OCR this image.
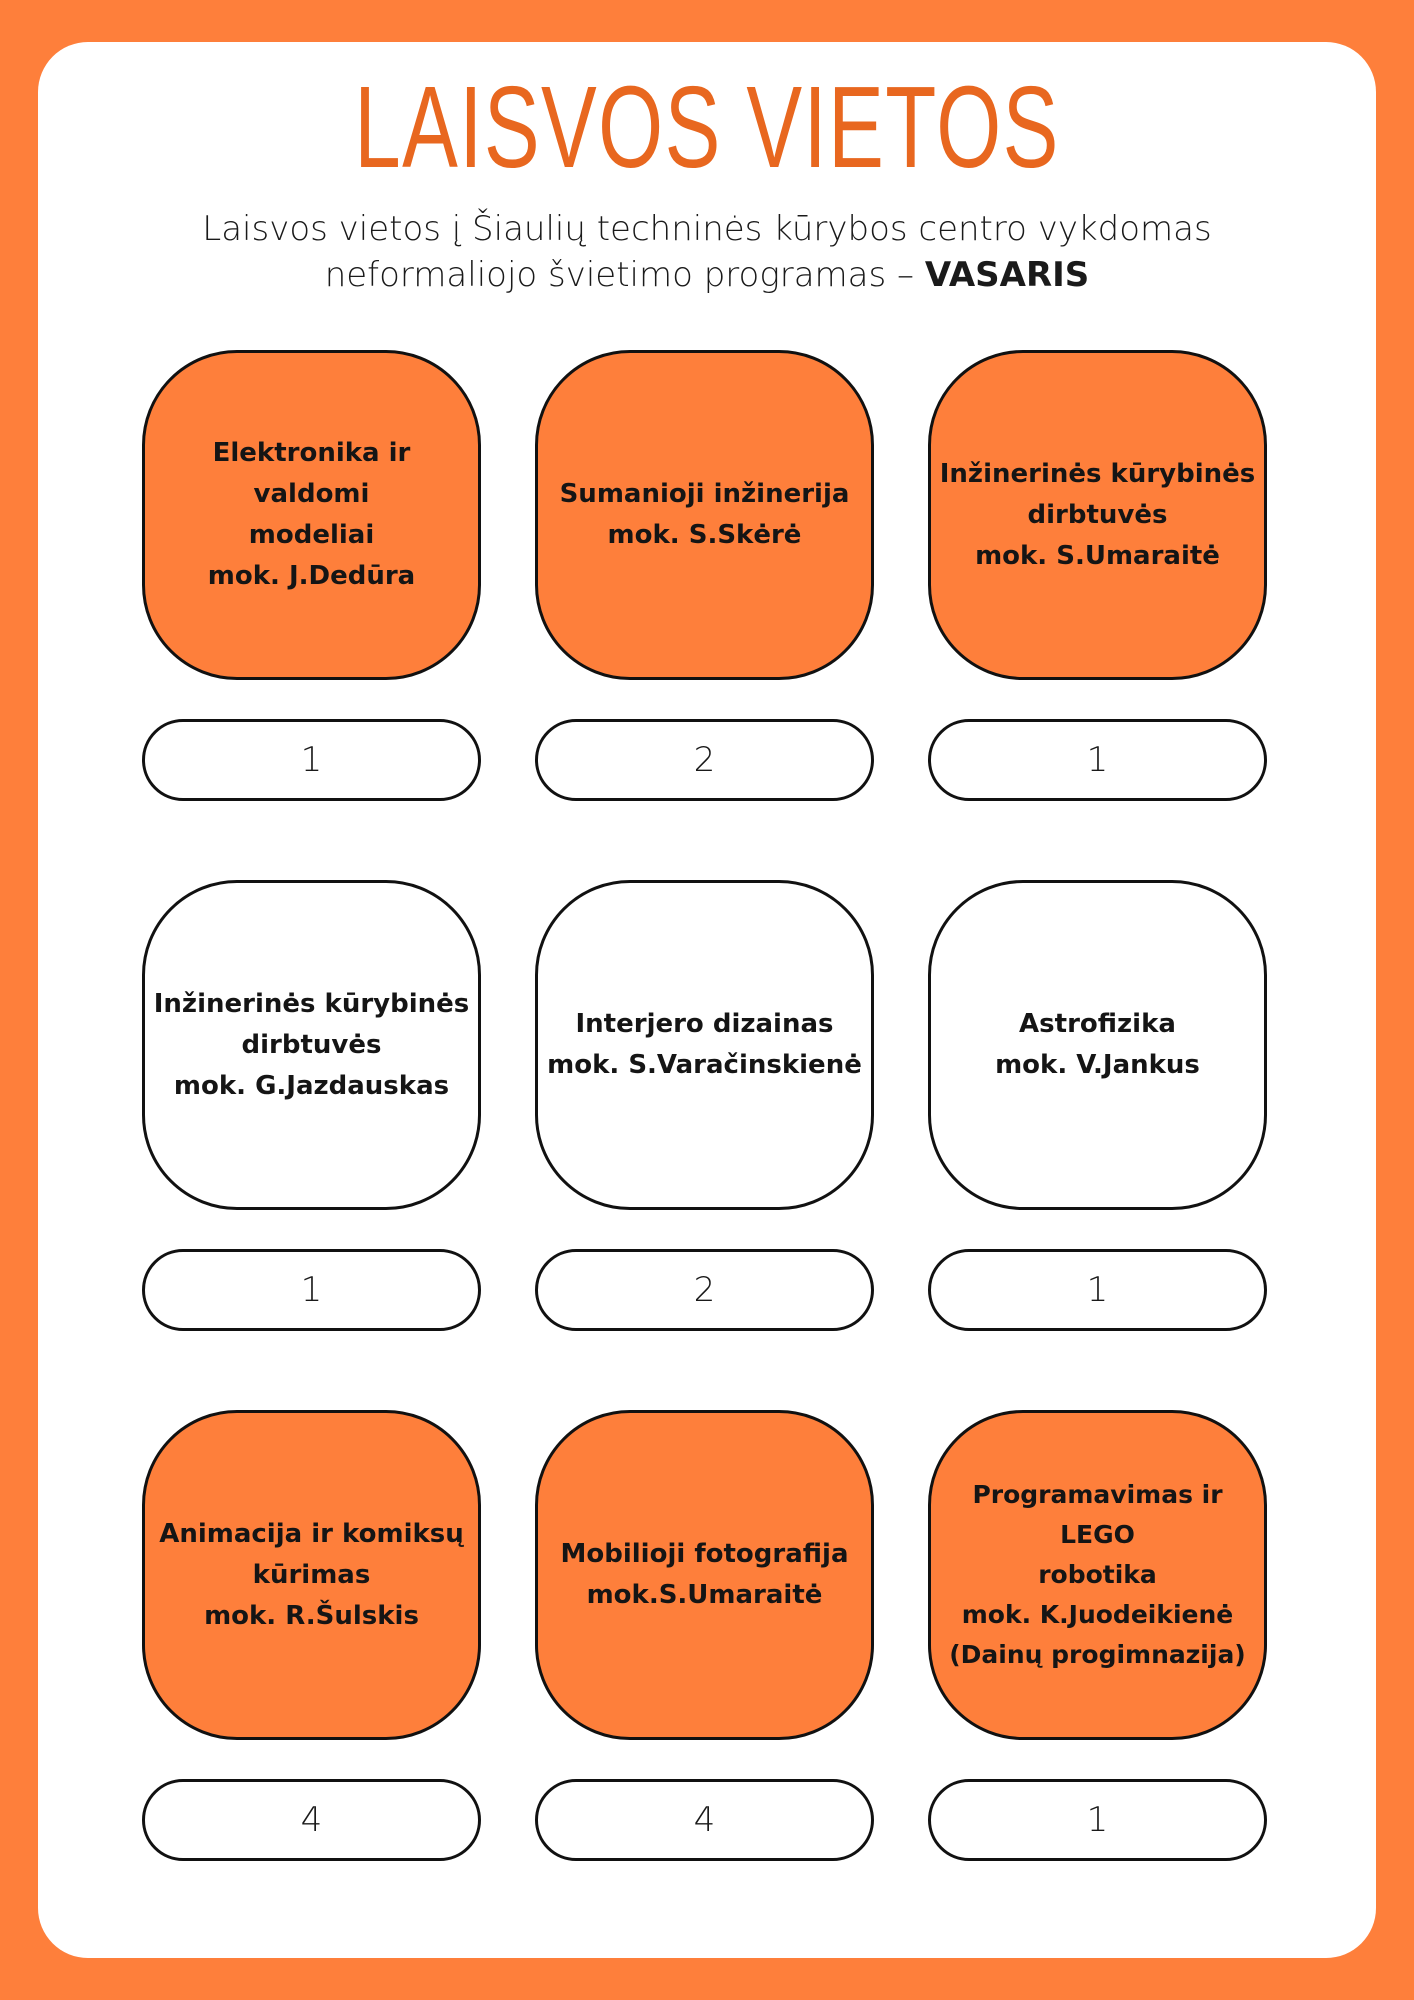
LAISVOS VIETOS
Laisvos vietos į Šiaulių techninės kūrybos centro vykdomas
neformaliojo švietimo programas – VASARIS
Elektronika ir valdomi
modeliai
mok. J.Dedūra
1
Sumanioji inžinerija
mok. S.Skėrė
2
Inžinerinės kūrybinės
dirbtuvės
mok. S.Umaraitė
1
Inžinerinės kūrybinės
dirbtuvės
mok. G.Jazdauskas
1
Interjero dizainas
mok. S.Varačinskienė
2
Astrofizika
mok. V.Jankus
1
Animacija ir komiksų
kūrimas
mok. R.Šulskis
4
Mobilioji fotografija
mok.S.Umaraitė
4
Programavimas ir LEGO
robotika
mok. K.Juodeikienė
(Dainų progimnazija)
1
